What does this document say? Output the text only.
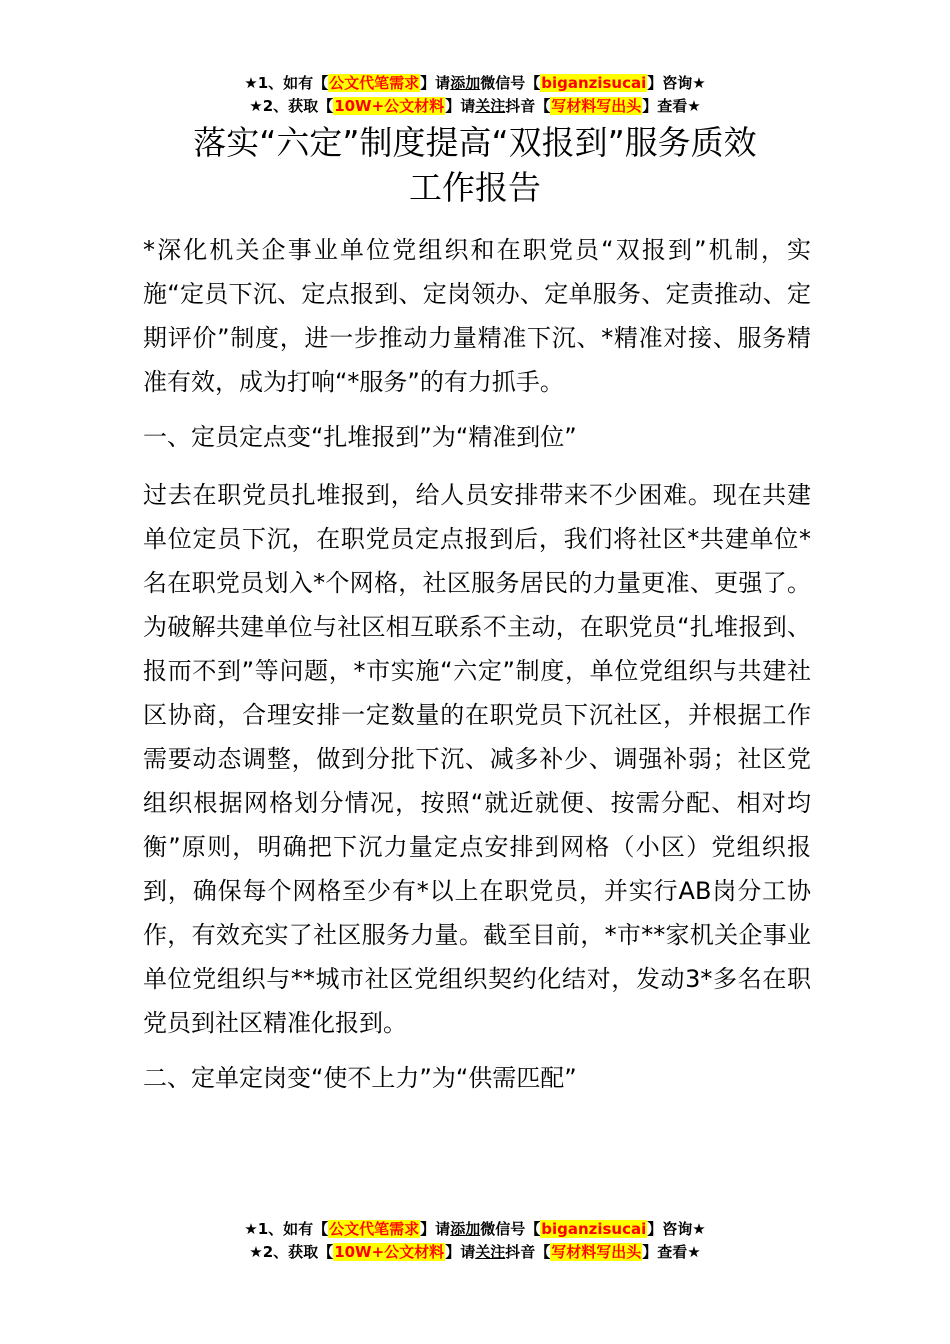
★1、如有【公文代笔需求】请添加微信号【biganzisucai】咨询★
★2、获取【10W+公文材料】请关注抖音【写材料写出头】查看★
落实“六定”制度提高“双报到”服务质效
工作报告

*深化机关企事业单位党组织和在职党员“双报到”机制，实施“定员下沉、定点报到、定岗领办、定单服务、定责推动、定期评价”制度，进一步推动力量精准下沉、*精准对接、服务精准有效，成为打响“*服务”的有力抓手。

一、定员定点变“扎堆报到”为“精准到位”

过去在职党员扎堆报到，给人员安排带来不少困难。现在共建单位定员下沉，在职党员定点报到后，我们将社区*共建单位*名在职党员划入*个网格，社区服务居民的力量更准、更强了。为破解共建单位与社区相互联系不主动，在职党员“扎堆报到、报而不到”等问题，*市实施“六定”制度，单位党组织与共建社区协商，合理安排一定数量的在职党员下沉社区，并根据工作需要动态调整，做到分批下沉、减多补少、调强补弱；社区党组织根据网格划分情况，按照“就近就便、按需分配、相对均衡”原则，明确把下沉力量定点安排到网格（小区）党组织报到，确保每个网格至少有*以上在职党员，并实行AB岗分工协作，有效充实了社区服务力量。截至目前，*市**家机关企事业单位党组织与**城市社区党组织契约化结对，发动3*多名在职党员到社区精准化报到。

二、定单定岗变“使不上力”为“供需匹配”

★1、如有【公文代笔需求】请添加微信号【biganzisucai】咨询★
★2、获取【10W+公文材料】请关注抖音【写材料写出头】查看★
